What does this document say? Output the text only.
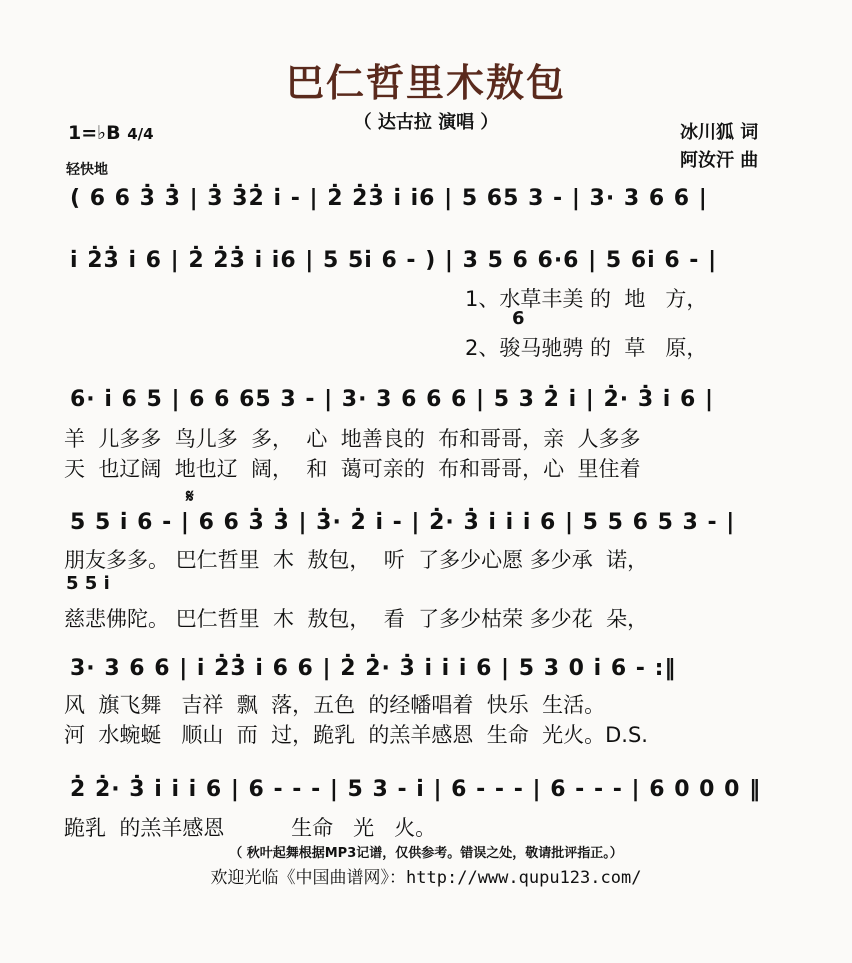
巴仁哲里木敖包
（ 达古拉 演唱 ）	冰川狐 词
阿汝汗 曲
1=♭B 4/4
轻快地
( 6 6 3̇ 3̇ | 3̇ 3̇2̇ i̇ - | 2̇ 2̇3̇ i̇ i̇6 | 5 65 3 - | 3· 3 6 6 |
i̇ 2̇3̇ i̇ 6 | 2̇ 2̇3̇ i̇ i̇6 | 5 5i̇ 6 - ) | 3 5 6 6·6 | 5 6i̇ 6 - |
1、水草丰美 的  地   方，
6
2、骏马驰骋 的  草   原，
6· i̇ 6 5 | 6 6 65 3 - | 3· 3 6 6 6 | 5 3 2̇ i̇ | 2̇· 3̇ i̇ 6 |
羊  儿多多  鸟儿多  多，  心  地善良的  布和哥哥，亲  人多多
天  也辽阔  地也辽  阔，  和  蔼可亲的  布和哥哥，心  里住着
𝄋
5 5 i̇ 6 - | 6 6 3̇ 3̇ | 3̇· 2̇ i̇ - | 2̇· 3̇ i̇ i̇ i̇ 6 | 5 5 6 5 3 - |
朋友多多。 巴仁哲里  木  敖包，  听  了多少心愿 多少承  诺，
5 5 i̇
慈悲佛陀。 巴仁哲里  木  敖包，  看  了多少枯荣 多少花  朵，
3· 3 6 6 | i̇ 2̇3̇ i̇ 6 6 | 2̇ 2̇· 3̇ i̇ i̇ i̇ 6 | 5 3 0 i̇ 6 - :‖
风  旗飞舞   吉祥  飘  落，五色  的经幡唱着  快乐  生活。
河  水蜿蜒   顺山  而  过，跪乳  的羔羊感恩  生命  光火。D.S.
2̇ 2̇· 3̇ i̇ i̇ i̇ 6 | 6 - - - | 5 3 - i̇ | 6 - - - | 6 - - - | 6 0 0 0 ‖
跪乳  的羔羊感恩          生命   光   火。
（ 秋叶起舞根据MP3记谱，仅供参考。错误之处，敬请批评指正。）
欢迎光临《中国曲谱网》：http://www.qupu123.com/
